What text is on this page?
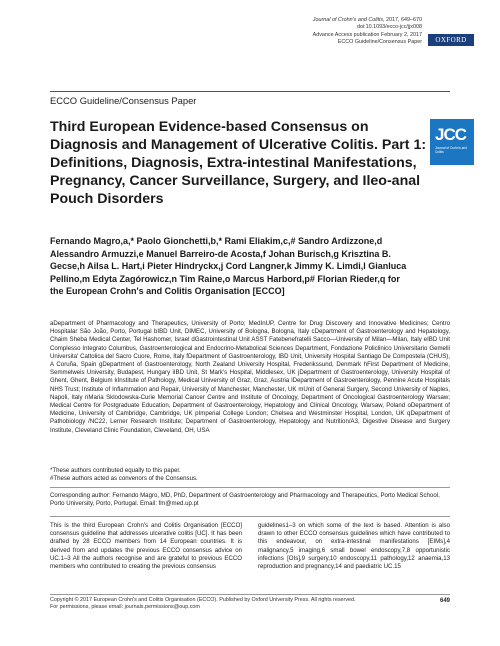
Journal of Crohn's and Colitis, 2017, 649–670
doi:10.1093/ecco-jcc/jjx008
Advance Access publication February 2, 2017
ECCO Guideline/Consensus Paper	OXFORD
ECCO Guideline/Consensus Paper
JCC
Journal of Crohn's and Colitis
Third European Evidence-based Consensus on Diagnosis and Management of Ulcerative Colitis. Part 1: Definitions, Diagnosis, Extra-intestinal Manifestations, Pregnancy, Cancer Surveillance, Surgery, and Ileo-anal Pouch Disorders
Fernando Magro,a,* Paolo Gionchetti,b,* Rami Eliakim,c,# Sandro Ardizzone,d Alessandro Armuzzi,e Manuel Barreiro-de Acosta,f Johan Burisch,g Krisztina B. Gecse,h Ailsa L. Hart,i Pieter Hindryckx,j Cord Langner,k Jimmy K. Limdi,l Gianluca Pellino,m Edyta Zagórowicz,n Tim Raine,o Marcus Harbord,p# Florian Rieder,q for the European Crohn's and Colitis Organisation [ECCO]
aDepartment of Pharmacology and Therapeutics, University of Porto; MedInUP, Centre for Drug Discovery and Innovative Medicines; Centro Hospitalar São João, Porto, Portugal bIBD Unit, DIMEC, University of Bologna, Bologna, Italy cDepartment of Gastroenterology and Hepatology, Chaim Sheba Medical Center, Tel Hashomer, Israel dGastrointestinal Unit ASST Fatebenefratelli Sacco—University of Milan—Milan, Italy eIBD Unit Complesso Integrato Columbus, Gastroenterological and Endocrino-Metabolical Sciences Department, Fondazione Policlinico Universitario Gemelli Universita' Cattolica del Sacro Cuore, Rome, Italy fDepartment of Gastroenterology, IBD Unit, University Hospital Santiago De Compostela (CHUS), A Coruña, Spain gDepartment of Gastroenterology, North Zealand University Hospital, Frederikssund, Denmark hFirst Department of Medicine, Semmelweis University, Budapest, Hungary iIBD Unit, St Mark's Hospital, Middlesex, UK jDepartment of Gastroenterology, University Hospital of Ghent, Ghent, Belgium kInstitute of Pathology, Medical University of Graz, Graz, Austria lDepartment of Gastroenterology, Pennine Acute Hospitals NHS Trust; Institute of Inflammation and Repair, University of Manchester, Manchester, UK mUnit of General Surgery, Second University of Naples, Napoli, Italy nMaria Sklodowska-Curie Memorial Cancer Centre and Institute of Oncology, Department of Oncological Gastroenterology Warsaw; Medical Centre for Postgraduate Education, Department of Gastroenterology, Hepatology and Clinical Oncology, Warsaw, Poland oDepartment of Medicine, University of Cambridge, Cambridge, UK pImperial College London; Chelsea and Westminster Hospital, London, UK qDepartment of Pathobiology /NC22, Lerner Research Institute; Department of Gastroenterology, Hepatology and Nutrition/A3, Digestive Disease and Surgery Institute, Cleveland Clinic Foundation, Cleveland, OH, USA

*These authors contributed equally to this paper.

#These authors acted as convenors of the Consensus.

Corresponding author: Fernando Magro, MD, PhD, Department of Gastroenterology and Pharmacology and Therapeutics, Porto Medical School, Porto University, Porto, Portugal. Email: fm@med.up.pt
This is the third European Crohn's and Colitis Organisation [ECCO] consensus guideline that addresses ulcerative colitis [UC]. It has been drafted by 28 ECCO members from 14 European countries. It is derived from and updates the previous ECCO consensus advice on UC.1–3 All the authors recognise and are grateful to previous ECCO members who contributed to creating the previous consensus
guidelines1–3 on which some of the text is based. Attention is also drawn to other ECCO consensus guidelines which have contributed to this endeavour, on extra-intestinal manifestations [EIMs],4 malignancy,5 imaging,6 small bowel endoscopy,7,8 opportunistic infections [OIs],9 surgery,10 endoscopy,11 pathology,12 anaemia,13 reproduction and pregnancy,14 and paediatric UC.15
Copyright © 2017 European Crohn's and Colitis Organisation (ECCO). Published by Oxford University Press. All rights reserved.
For permissions, please email: journals.permissions@oup.com
649
